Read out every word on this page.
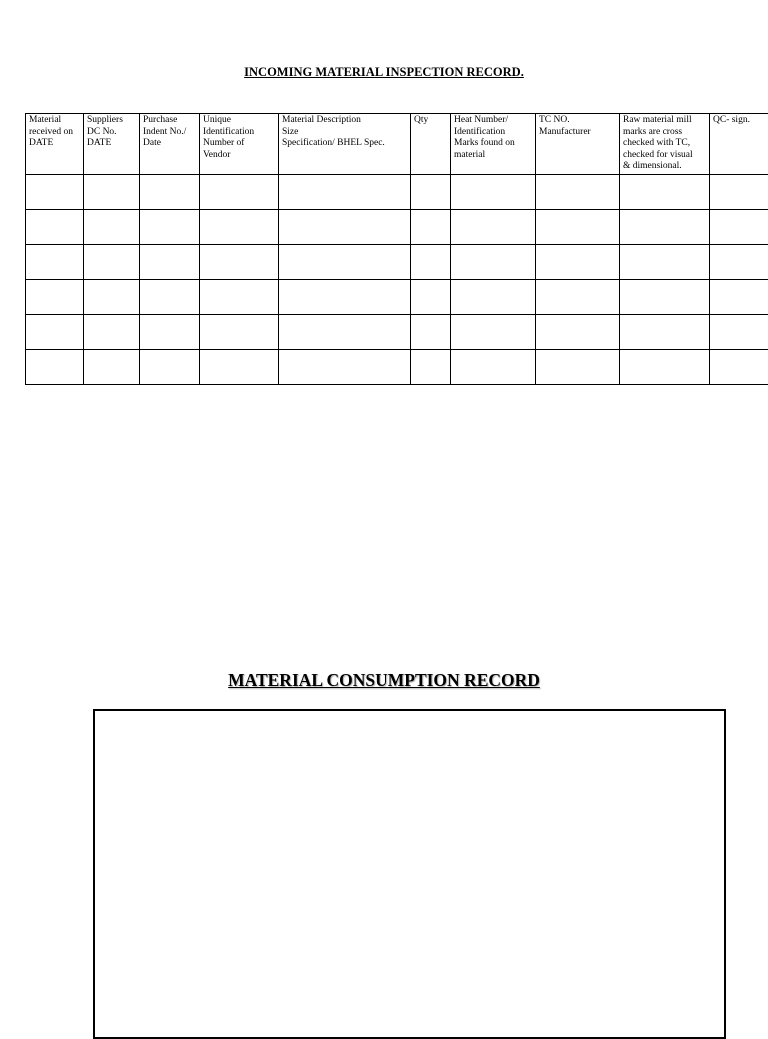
INCOMING MATERIAL INSPECTION RECORD.
Material
received on
DATE	Suppliers
DC No.
DATE	Purchase
Indent No./
Date	Unique
Identification
Number of
Vendor	Material Description
Size
Specification/ BHEL Spec.	Qty	Heat Number/
Identification
Marks found on
material	TC NO.
Manufacturer	Raw material mill
marks are cross
checked with TC,
checked for visual
& dimensional.	QC- sign.

MATERIAL CONSUMPTION RECORD
